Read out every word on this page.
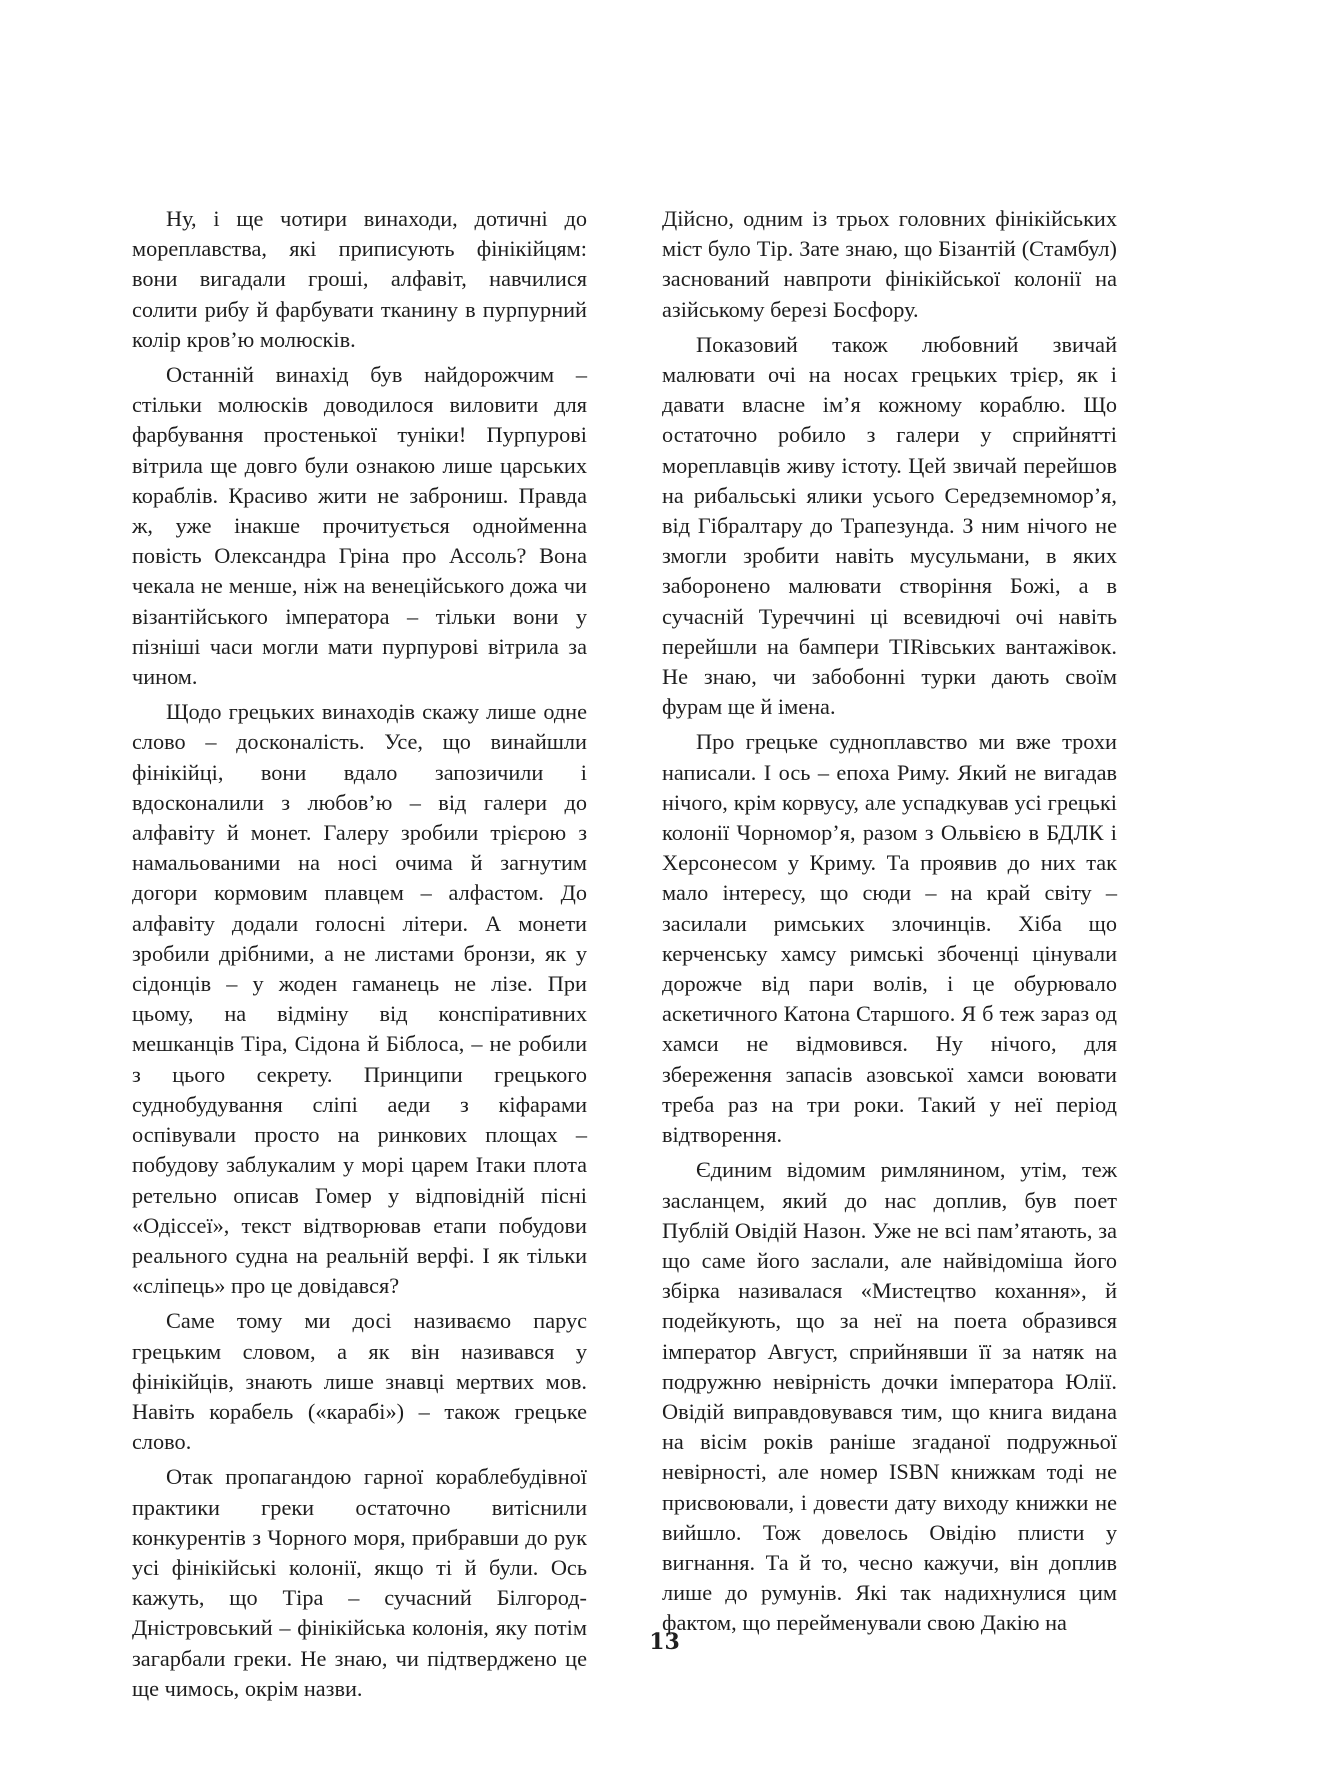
Ну, і ще чотири винаходи, дотичні до мореплавства, які приписують фінікійцям: вони вигадали гроші, алфавіт, навчилися солити рибу й фарбувати тканину в пурпурний колір кров’ю молюсків.

Останній винахід був найдорожчим – стільки молюсків доводилося виловити для фарбування простенької туніки! Пурпурові вітрила ще довго були ознакою лише царських кораблів. Красиво жити не заброниш. Правда ж, уже інакше прочитується однойменна повість Олександра Гріна про Ассоль? Вона чекала не менше, ніж на венеційського дожа чи візантійського імператора – тільки вони у пізніші часи могли мати пурпурові вітрила за чином.

Щодо грецьких винаходів скажу лише одне слово – досконалість. Усе, що винайшли фінікійці, вони вдало запозичили і вдосконалили з любов’ю – від галери до алфавіту й монет. Галеру зробили трієрою з намальованими на носі очима й загнутим догори кормовим плавцем – алфастом. До алфавіту додали голосні літери. А монети зробили дрібними, а не листами бронзи, як у сідонців – у жоден гаманець не лізе. При цьому, на відміну від конспіративних мешканців Тіра, Сідона й Біблоса, – не робили з цього секрету. Принципи грецького суднобудування сліпі аеди з кіфарами оспівували просто на ринкових площах – побудову заблукалим у морі царем Ітаки плота ретельно описав Гомер у відповідній пісні «Одіссеї», текст відтворював етапи побудови реального судна на реальній верфі. І як тільки «сліпець» про це довідався?

Саме тому ми досі називаємо парус грецьким словом, а як він називався у фінікійців, знають лише знавці мертвих мов. Навіть корабель («карабі») – також грецьке слово.

Отак пропагандою гарної кораблебудівної практики греки остаточно витіснили конкурентів з Чорного моря, прибравши до рук усі фінікійські колонії, якщо ті й були. Ось кажуть, що Тіра – сучасний Білгород-Дністровський – фінікійська колонія, яку потім загарбали греки. Не знаю, чи підтверджено це ще чимось, окрім назви.

Дійсно, одним із трьох головних фінікійських міст було Тір. Зате знаю, що Бізантій (Стамбул) заснований навпроти фінікійської колонії на азійському березі Босфору.

Показовий також любовний звичай малювати очі на носах грецьких трієр, як і давати власне ім’я кожному кораблю. Що остаточно робило з галери у сприйнятті мореплавців живу істоту. Цей звичай перейшов на рибальські ялики усього Середземномор’я, від Гібралтару до Трапезунда. З ним нічого не змогли зробити навіть мусульмани, в яких заборонено малювати створіння Божі, а в сучасній Туреччині ці всевидючі очі навіть перейшли на бампери TIRівських вантажівок. Не знаю, чи забобонні турки дають своїм фурам ще й імена.

Про грецьке судноплавство ми вже трохи написали. І ось – епоха Риму. Який не вигадав нічого, крім корвусу, але успадкував усі грецькі колонії Чорномор’я, разом з Ольвією в БДЛК і Херсонесом у Криму. Та проявив до них так мало інтересу, що сюди – на край світу – засилали римських злочинців. Хіба що керченську хамсу римські збоченці цінували дорожче від пари волів, і це обурювало аскетичного Катона Старшого. Я б теж зараз од хамси не відмовився. Ну нічого, для збереження запасів азовської хамси воювати треба раз на три роки. Такий у неї період відтворення.

Єдиним відомим римлянином, утім, теж засланцем, який до нас доплив, був поет Публій Овідій Назон. Уже не всі пам’ятають, за що саме його заслали, але найвідоміша його збірка називалася «Мистецтво кохання», й подейкують, що за неї на поета образився імператор Август, сприйнявши її за натяк на подружню невірність дочки імператора Юлії. Овідій виправдовувався тим, що книга видана на вісім років раніше згаданої подружньої невірності, але номер ISBN книжкам тоді не присвоювали, і довести дату виходу книжки не вийшло. Тож довелось Овідію плисти у вигнання. Та й то, чесно кажучи, він доплив лише до румунів. Які так надихнулися цим фактом, що перейменували свою Дакію на

13
